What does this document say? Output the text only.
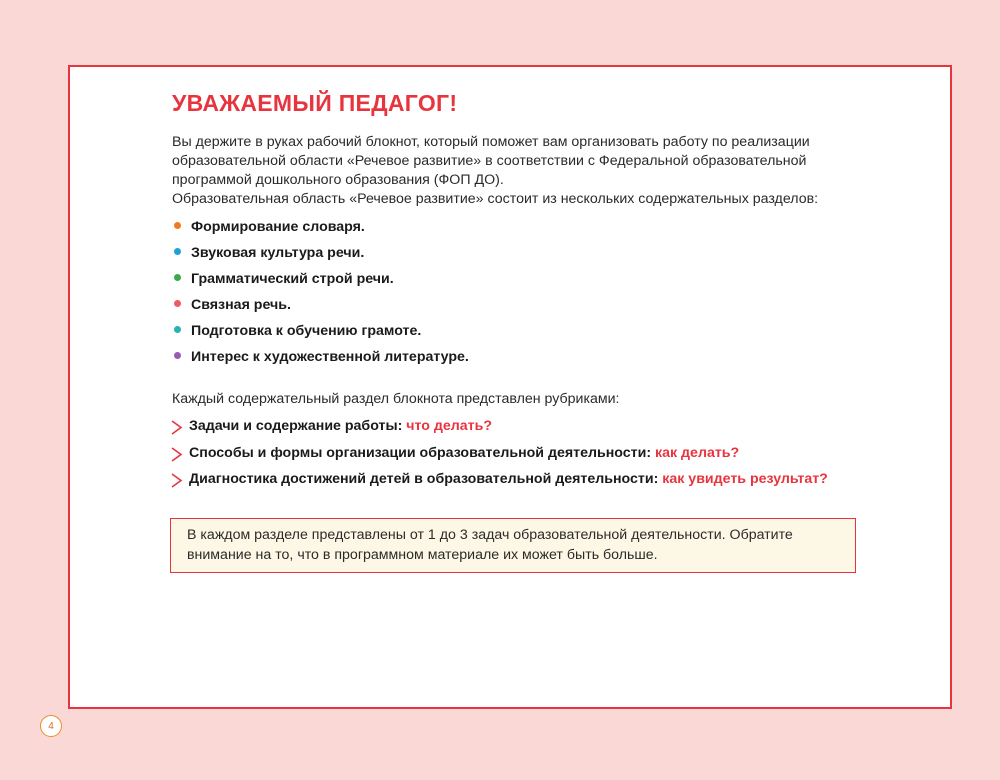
УВАЖАЕМЫЙ ПЕДАГОГ!

Вы держите в руках рабочий блокнот, который поможет вам организовать работу по реализации образовательной области «Речевое развитие» в соответствии с Федеральной образовательной программой дошкольного образования (ФОП ДО).

Образовательная область «Речевое развитие» состоит из нескольких содержательных разделов:

Формирование словаря.
Звуковая культура речи.
Грамматический строй речи.
Связная речь.
Подготовка к обучению грамоте.
Интерес к художественной литературе.
Каждый содержательный раздел блокнота представлен рубриками:
Задачи и содержание работы: что делать?
Способы и формы организации образовательной деятельности: как делать?
Диагностика достижений детей в образовательной деятельности: как увидеть результат?
В каждом разделе представлены от 1 до 3 задач образовательной деятельности. Обратите внимание на то, что в программном материале их может быть больше.
4
